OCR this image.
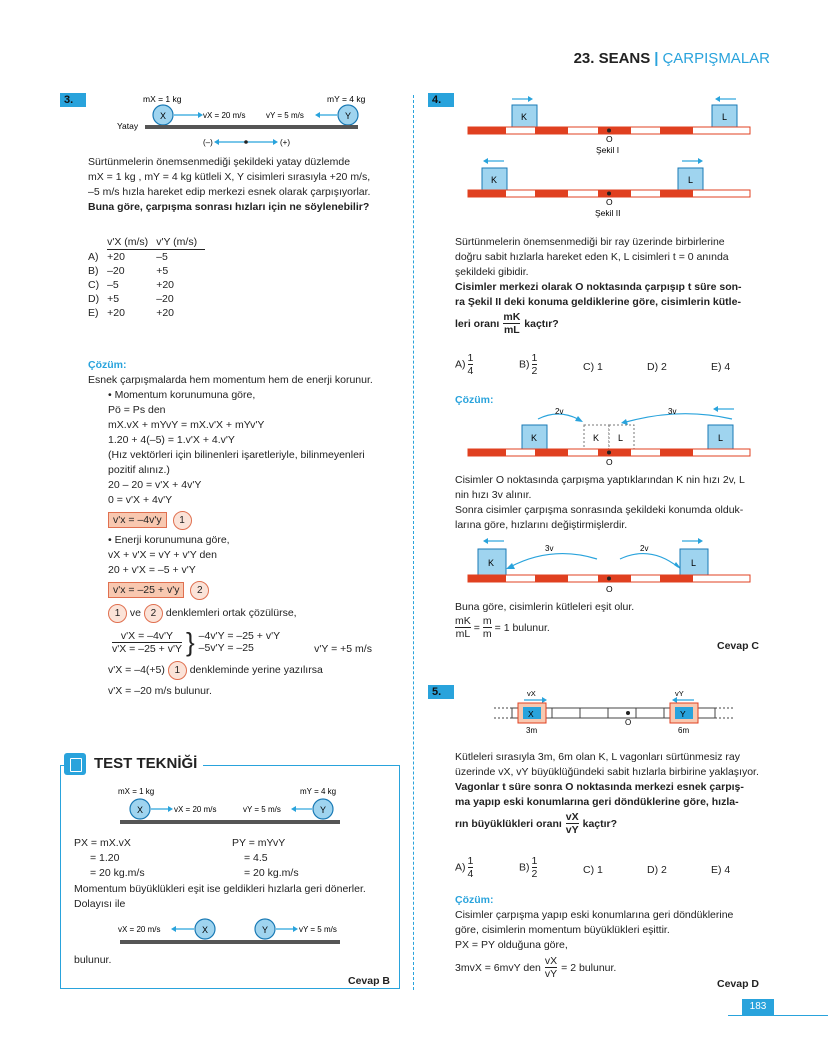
23. SEANS | ÇARPIŞMALAR
3.	mX = 1 kg	mY = 4 kg
X	vX = 20 m/s	vY = 5 m/s	Y
Yatay
(–)	(+)

Sürtünmelerin önemsenmediği şekildeki yatay düzlemde

mX = 1 kg , mY = 4 kg kütleli X, Y cisimleri sırasıyla +20 m/s,

–5 m/s hızla hareket edip merkezi esnek olarak çarpışıyorlar.

Buna göre, çarpışma sonrası hızları için ne söylenebilir?

	v'X (m/s)	v'Y (m/s)
A)	+20	–5
B)	–20	+5
C)	–5	+20
D)	+5	–20
E)	+20	+20

Çözüm:

Esnek çarpışmalarda hem momentum hem de enerji korunur.

• Momentum korunumuna göre,

Pö = Ps den

mX.vX + mYvY = mX.v'X + mYv'Y

1.20 + 4(–5) = 1.v'X + 4.v'Y

(Hız vektörleri için bilinenleri işaretleriyle, bilinmeyenleri

pozitif alınız.)

20 – 20 = v'X + 4v'Y

0 = v'X + 4v'Y

v'x = –4v'y 1

• Enerji korunumuna göre,

vX + v'X = vY + v'Y den

20 + v'X = –5 + v'Y

v'x = –25 + v'y 2

1 ve 2 denklemleri ortak çözülürse,

v'X = –4v'Y
v'X = –25 + v'Y } –4v'Y = –25 + v'Y
–5v'Y = –25	v'Y = +5 m/s

v'X = –4(+5) 1 denkleminde yerine yazılırsa

v'X = –20 m/s bulunur.

TEST TEKNİĞİ
mX = 1 kg	mY = 4 kg
X	vX = 20 m/s	vY = 5 m/s	Y

PX = mX.vX

= 1.20

= 20 kg.m/s

PY = mYvY

= 4.5

= 20 kg.m/s

Momentum büyüklükleri eşit ise geldikleri hızlarla geri dönerler.

Dolayısı ile

vX = 20 m/s	X	Y	vY = 5 m/s
bulunur.
Cevap B
4.
K	L
O
Şekil I
K	L
O
Şekil II

Sürtünmelerin önemsenmediği bir ray üzerinde birbirlerine

doğru sabit hızlarla hareket eden K, L cisimleri t = 0 anında

şekildeki gibidir.

Cisimler merkezi olarak O noktasında çarpışıp t süre son-

ra Şekil II deki konuma geldiklerine göre, cisimlerin kütle-

leri oranı
mK
mL
kaçtır?
$A) \frac{1}{4}$	$B) \frac{1}{2}$	C) 1	D) 2	E) 4
Çözüm:
2v	3v
K	K L	L
O

Cisimler O noktasında çarpışma yaptıklarından K nin hızı 2v, L

nin hızı 3v alınır.

Sonra cisimler çarpışma sonrasında şekildeki konumda olduk-

larına göre, hızlarını değiştirmişlerdir.

K
3v	2v
L
O

Buna göre, cisimlerin kütleleri eşit olur.

$\frac{mK}{mL} = \frac{m}{m} = 1$ bulunur.
Cevap C
5.	vX	vY
X	Y
3m
O
6m

Kütleleri sırasıyla 3m, 6m olan K, L vagonları sürtünmesiz ray

üzerinde vX, vY büyüklüğündeki sabit hızlarla birbirine yaklaşıyor.

Vagonlar t süre sonra O noktasında merkezi esnek çarpış-

ma yapıp eski konumlarına geri döndüklerine göre, hızla-

rın büyüklükleri oranı
vX
vY
kaçtır?
$A) \frac{1}{4}$	$B) \frac{1}{2}$	C) 1	D) 2	E) 4

Çözüm:

Cisimler çarpışma yapıp eski konumlarına geri döndüklerine

göre, cisimlerin momentum büyüklükleri eşittir.

PX = PY olduğuna göre,

3mvX = 6mvY den $\frac{vX}{vY} = 2$ bulunur.
Cevap D
183
